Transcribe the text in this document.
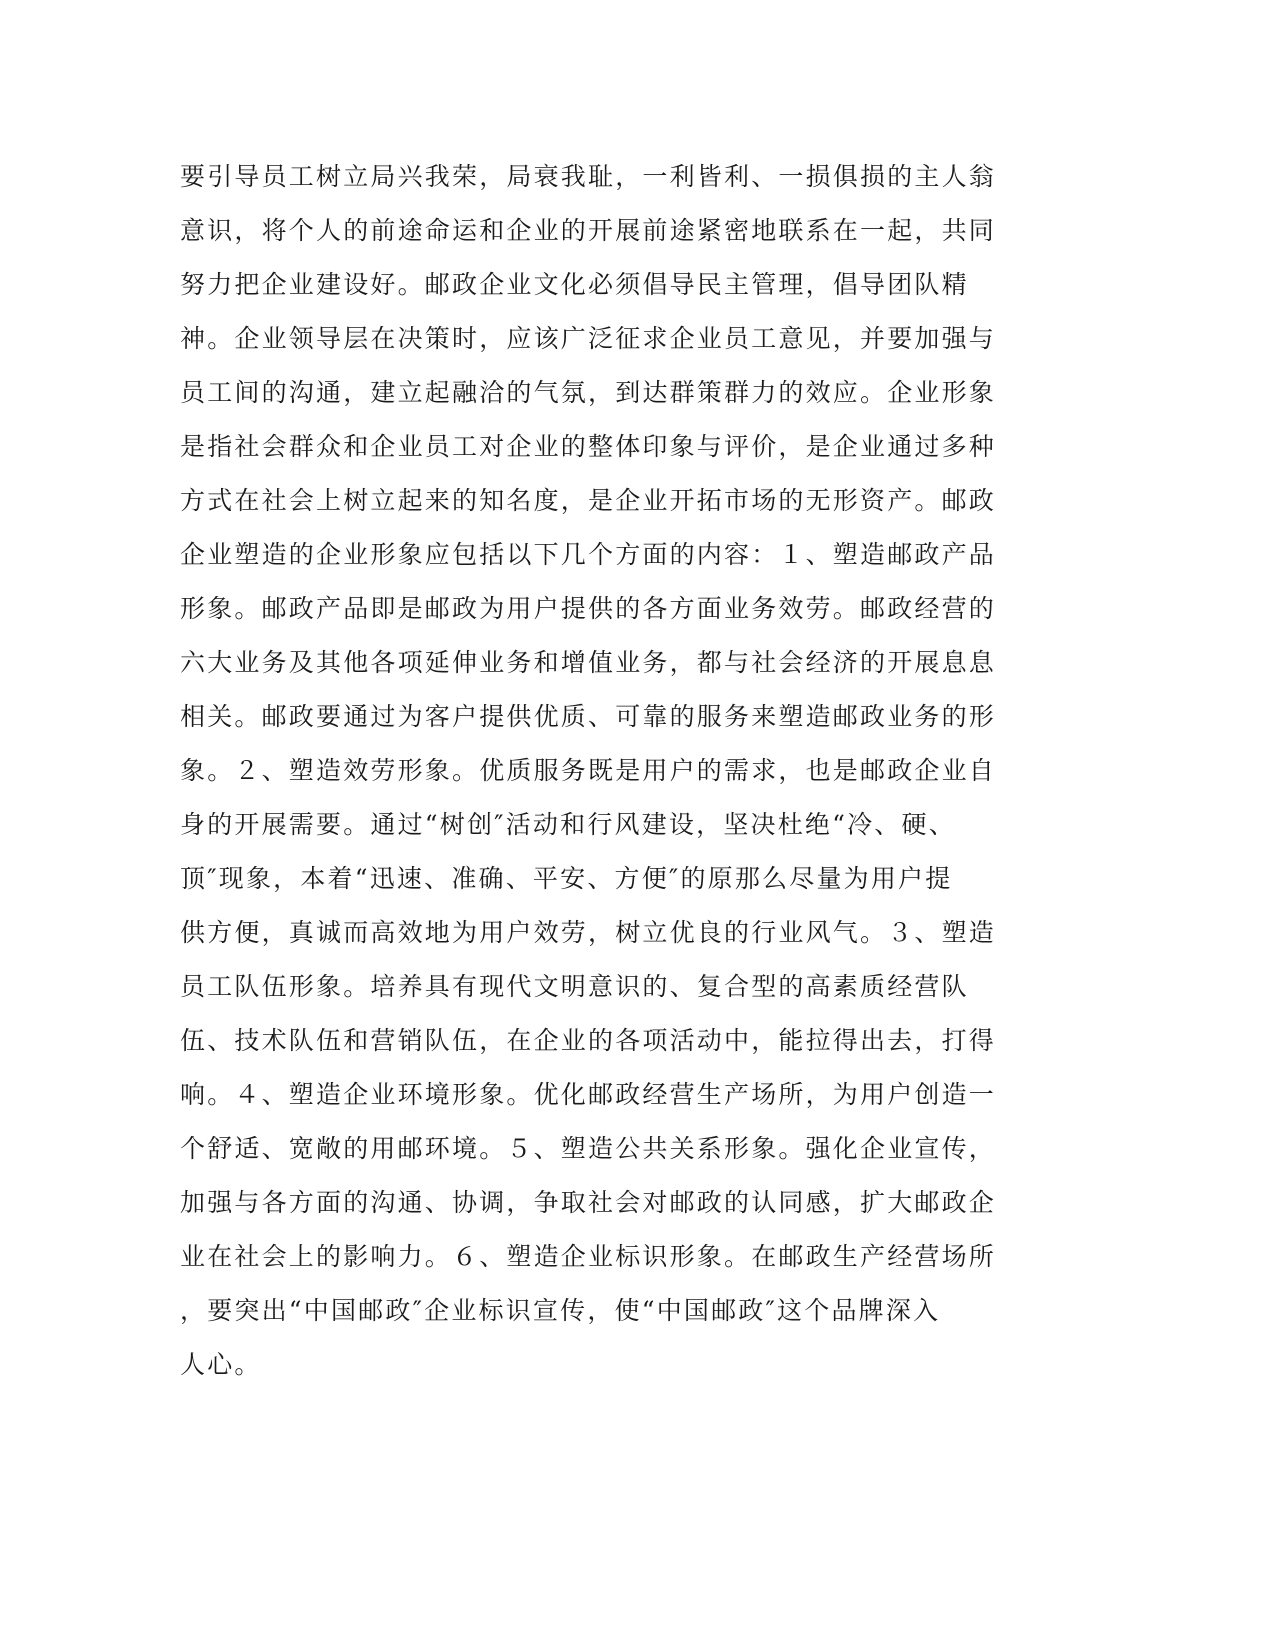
要引导员工树立局兴我荣，局衰我耻，一利皆利、一损俱损的主人翁
意识，将个人的前途命运和企业的开展前途紧密地联系在一起，共同
努力把企业建设好。邮政企业文化必须倡导民主管理，倡导团队精
神。企业领导层在决策时，应该广泛征求企业员工意见，并要加强与
员工间的沟通，建立起融洽的气氛，到达群策群力的效应。企业形象
是指社会群众和企业员工对企业的整体印象与评价，是企业通过多种
方式在社会上树立起来的知名度，是企业开拓市场的无形资产。邮政
企业塑造的企业形象应包括以下几个方面的内容：１、塑造邮政产品
形象。邮政产品即是邮政为用户提供的各方面业务效劳。邮政经营的
六大业务及其他各项延伸业务和增值业务，都与社会经济的开展息息
相关。邮政要通过为客户提供优质、可靠的服务来塑造邮政业务的形
象。２、塑造效劳形象。优质服务既是用户的需求，也是邮政企业自
身的开展需要。通过“树创″活动和行风建设，坚决杜绝“冷、硬、
顶″现象，本着“迅速、准确、平安、方便″的原那么尽量为用户提
供方便，真诚而高效地为用户效劳，树立优良的行业风气。３、塑造
员工队伍形象。培养具有现代文明意识的、复合型的高素质经营队
伍、技术队伍和营销队伍，在企业的各项活动中，能拉得出去，打得
响。４、塑造企业环境形象。优化邮政经营生产场所，为用户创造一
个舒适、宽敞的用邮环境。５、塑造公共关系形象。强化企业宣传，
加强与各方面的沟通、协调，争取社会对邮政的认同感，扩大邮政企
业在社会上的影响力。６、塑造企业标识形象。在邮政生产经营场所
，要突出“中国邮政″企业标识宣传，使“中国邮政″这个品牌深入
人心。
